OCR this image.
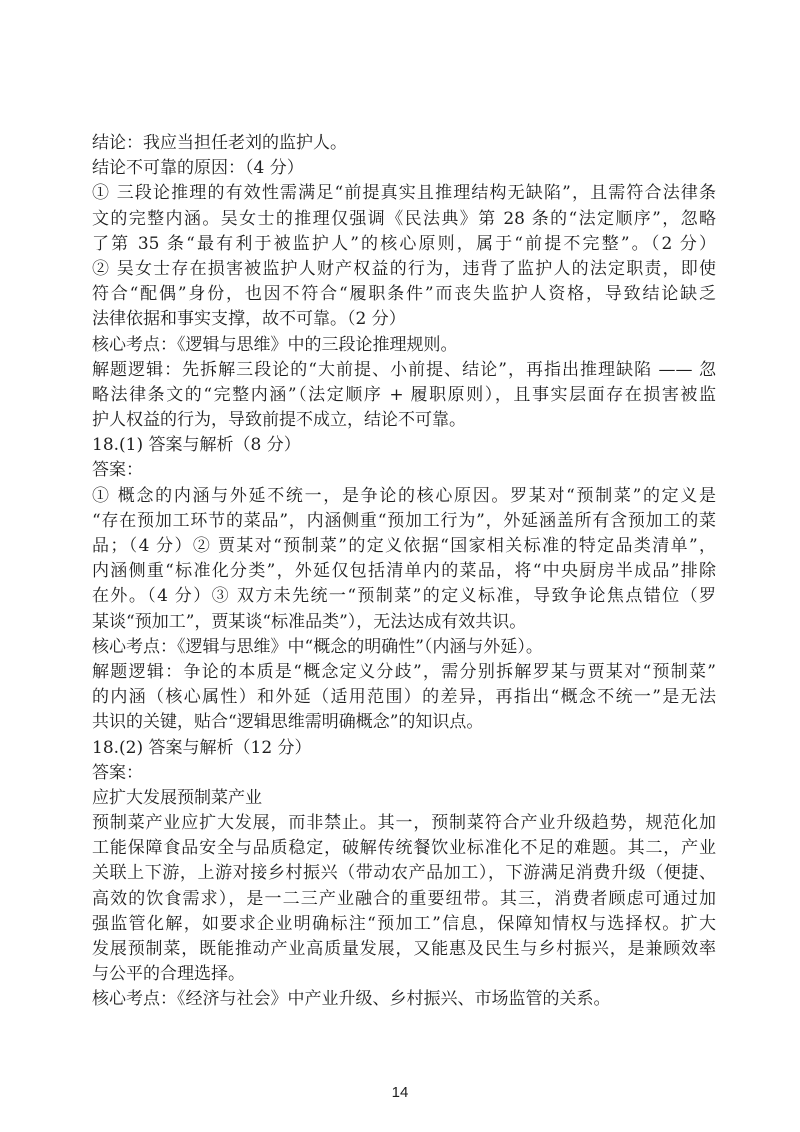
结论：我应当担任老刘的监护人。
结论不可靠的原因：（4 分）
① 三段论推理的有效性需满足“前提真实且推理结构无缺陷”，且需符合法律条
文的完整内涵。吴女士的推理仅强调《民法典》第 28 条的“法定顺序”，忽略
了第 35 条“最有利于被监护人”的核心原则，属于“前提不完整”。（2 分）
② 吴女士存在损害被监护人财产权益的行为，违背了监护人的法定职责，即使
符合“配偶”身份，也因不符合“履职条件”而丧失监护人资格，导致结论缺乏
法律依据和事实支撑，故不可靠。（2 分）
核心考点：《逻辑与思维》中的三段论推理规则。
解题逻辑：先拆解三段论的“大前提、小前提、结论”，再指出推理缺陷 —— 忽
略法律条文的“完整内涵”（法定顺序 + 履职原则），且事实层面存在损害被监
护人权益的行为，导致前提不成立，结论不可靠。
18.(1) 答案与解析（8 分）
答案：
① 概念的内涵与外延不统一，是争论的核心原因。罗某对“预制菜”的定义是
“存在预加工环节的菜品”，内涵侧重“预加工行为”，外延涵盖所有含预加工的菜
品；（4 分）② 贾某对“预制菜”的定义依据“国家相关标准的特定品类清单”，
内涵侧重“标准化分类”，外延仅包括清单内的菜品，将“中央厨房半成品”排除
在外。（4 分）③ 双方未先统一“预制菜”的定义标准，导致争论焦点错位（罗
某谈“预加工”，贾某谈“标准品类”），无法达成有效共识。
核心考点：《逻辑与思维》中“概念的明确性”（内涵与外延）。
解题逻辑：争论的本质是“概念定义分歧”，需分别拆解罗某与贾某对“预制菜”
的内涵（核心属性）和外延（适用范围）的差异，再指出“概念不统一”是无法
共识的关键，贴合“逻辑思维需明确概念”的知识点。
18.(2) 答案与解析（12 分）
答案：
应扩大发展预制菜产业
预制菜产业应扩大发展，而非禁止。其一，预制菜符合产业升级趋势，规范化加
工能保障食品安全与品质稳定，破解传统餐饮业标准化不足的难题。其二，产业
关联上下游，上游对接乡村振兴（带动农产品加工），下游满足消费升级（便捷、
高效的饮食需求），是一二三产业融合的重要纽带。其三，消费者顾虑可通过加
强监管化解，如要求企业明确标注“预加工”信息，保障知情权与选择权。扩大
发展预制菜，既能推动产业高质量发展，又能惠及民生与乡村振兴，是兼顾效率
与公平的合理选择。
核心考点：《经济与社会》中产业升级、乡村振兴、市场监管的关系。
14
